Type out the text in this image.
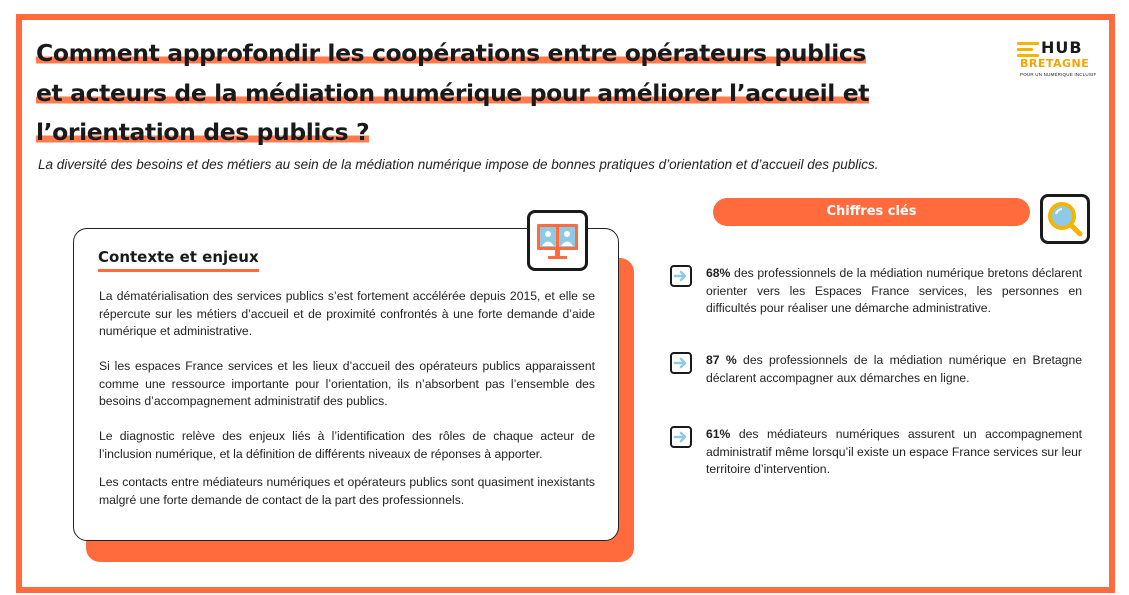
Comment approfondir les coopérations entre opérateurs publics
et acteurs de la médiation numérique pour améliorer l’accueil et
l’orientation des publics ?
HUB
BRETAGNE
POUR UN NUMÉRIQUE INCLUSIF
La diversité des besoins et des métiers au sein de la médiation numérique impose de bonnes pratiques d’orientation et d’accueil des publics.
Contexte et enjeux
La dématérialisation des services publics s’est fortement accélérée depuis 2015, et elle se répercute sur les métiers d’accueil et de proximité confrontés à une forte demande d’aide numérique et administrative.
Si les espaces France services et les lieux d’accueil des opérateurs publics apparaissent comme une ressource importante pour l’orientation, ils n’absorbent pas l’ensemble des besoins d’accompagnement administratif des publics.
Le diagnostic relève des enjeux liés à l’identification des rôles de chaque acteur de l’inclusion numérique, et la définition de différents niveaux de réponses à apporter.
Les contacts entre médiateurs numériques et opérateurs publics sont quasiment inexistants malgré une forte demande de contact de la part des professionnels.
Chiffres clés
68% des professionnels de la médiation numérique bretons déclarent orienter vers les Espaces France services, les personnes en difficultés pour réaliser une démarche administrative.
87 % des professionnels de la médiation numérique en Bretagne déclarent accompagner aux démarches en ligne.
61% des médiateurs numériques assurent un accompagnement administratif même lorsqu’il existe un espace France services sur leur territoire d’intervention.
